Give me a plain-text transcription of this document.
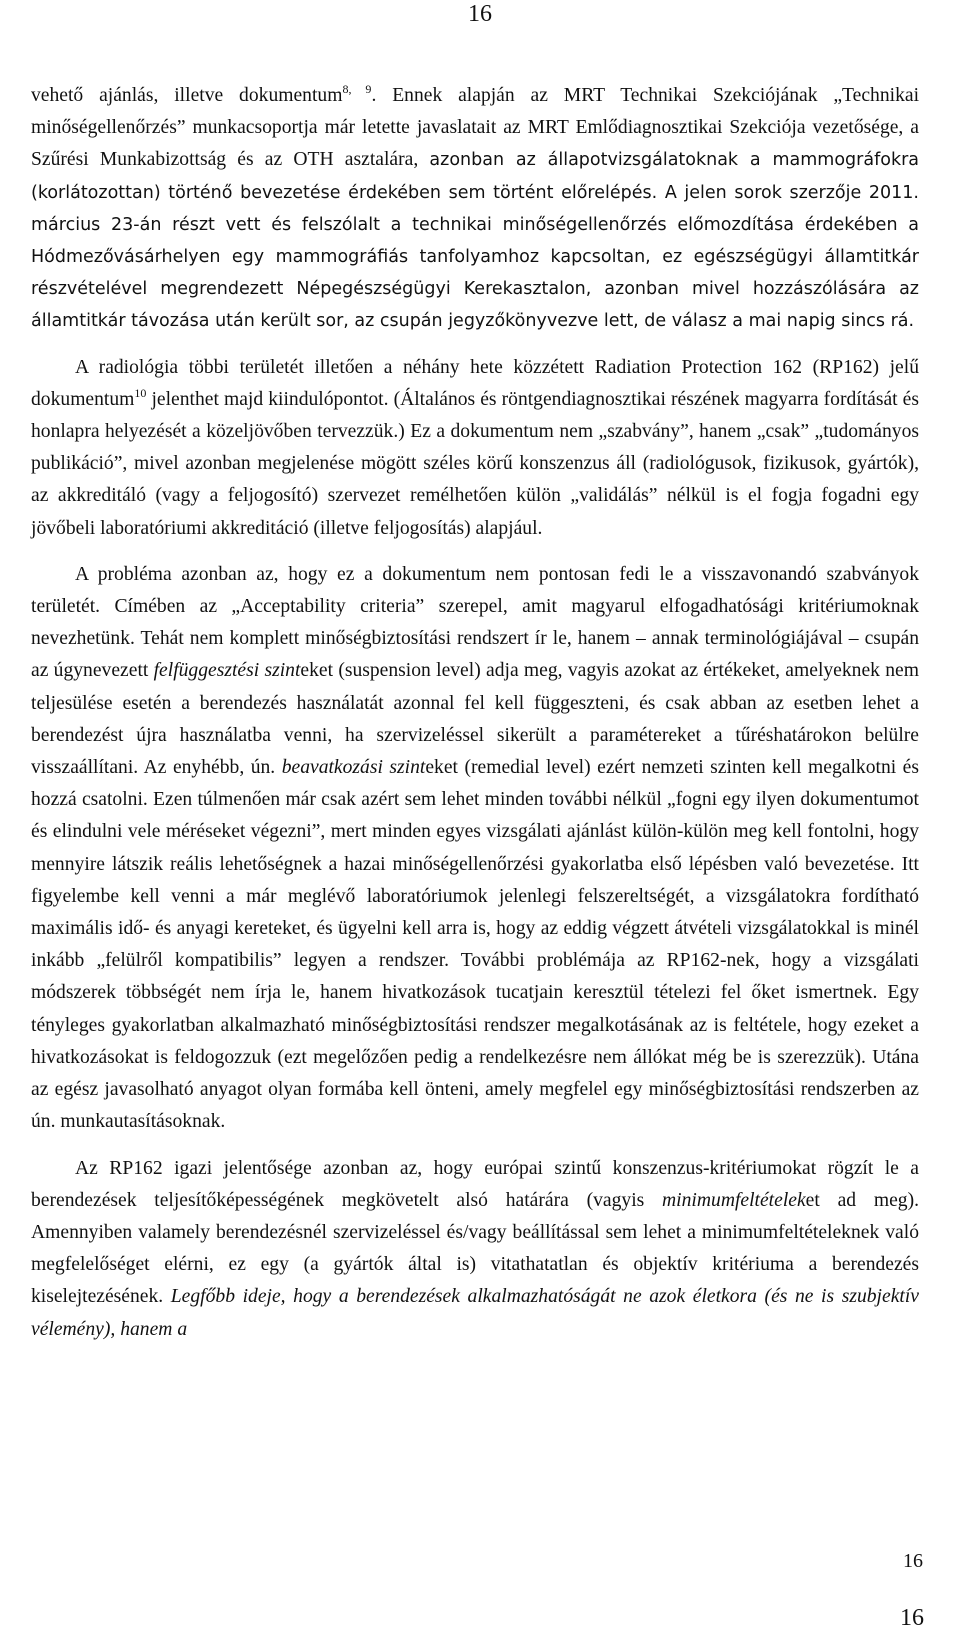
16

vehető ajánlás, illetve dokumentum$^{8, 9}$. Ennek alapján az MRT Technikai Szekciójának „Technikai minőségellenőrzés” munkacsoportja már letette javaslatait az MRT Emlődiagnosztikai Szekciója vezetősége, a Szűrési Munkabizottság és az OTH asztalára, azonban az állapotvizsgálatoknak a mammográfokra (korlátozottan) történő bevezetése érdekében sem történt előrelépés. A jelen sorok szerzője 2011. március 23-án részt vett és felszólalt a technikai minőségellenőrzés előmozdítása érdekében a Hódmezővásárhelyen egy mammográfiás tanfolyamhoz kapcsoltan, ez egészségügyi államtitkár részvételével megrendezett Népegészségügyi Kerekasztalon, azonban mivel hozzászólására az államtitkár távozása után került sor, az csupán jegyzőkönyvezve lett, de válasz a mai napig sincs rá.

A radiológia többi területét illetően a néhány hete közzétett Radiation Protection 162 (RP162) jelű dokumentum$^{10}$ jelenthet majd kiindulópontot. (Általános és röntgendiagnosztikai részének magyarra fordítását és honlapra helyezését a közeljövőben tervezzük.) Ez a dokumentum nem „szabvány”, hanem „csak” „tudományos publikáció”, mivel azonban megjelenése mögött széles körű konszenzus áll (radiológusok, fizikusok, gyártók), az akkreditáló (vagy a feljogosító) szervezet remélhetően külön „validálás” nélkül is el fogja fogadni egy jövőbeli laboratóriumi akkreditáció (illetve feljogosítás) alapjául.

A probléma azonban az, hogy ez a dokumentum nem pontosan fedi le a visszavonandó szabványok területét. Címében az „Acceptability criteria” szerepel, amit magyarul elfogadhatósági kritériumoknak nevezhetünk. Tehát nem komplett minőségbiztosítási rendszert ír le, hanem – annak terminológiájával – csupán az úgynevezett felfüggesztési szinteket (suspension level) adja meg, vagyis azokat az értékeket, amelyeknek nem teljesülése esetén a berendezés használatát azonnal fel kell függeszteni, és csak abban az esetben lehet a berendezést újra használatba venni, ha szervizeléssel sikerült a paramétereket a tűréshatárokon belülre visszaállítani. Az enyhébb, ún. beavatkozási szinteket (remedial level) ezért nemzeti szinten kell megalkotni és hozzá csatolni. Ezen túlmenően már csak azért sem lehet minden további nélkül „fogni egy ilyen dokumentumot és elindulni vele méréseket végezni”, mert minden egyes vizsgálati ajánlást külön-külön meg kell fontolni, hogy mennyire látszik reális lehetőségnek a hazai minőségellenőrzési gyakorlatba első lépésben való bevezetése. Itt figyelembe kell venni a már meglévő laboratóriumok jelenlegi felszereltségét, a vizsgálatokra fordítható maximális idő- és anyagi kereteket, és ügyelni kell arra is, hogy az eddig végzett átvételi vizsgálatokkal is minél inkább „felülről kompatibilis” legyen a rendszer. További problémája az RP162-nek, hogy a vizsgálati módszerek többségét nem írja le, hanem hivatkozások tucatjain keresztül tételezi fel őket ismertnek. Egy tényleges gyakorlatban alkalmazható minőségbiztosítási rendszer megalkotásának az is feltétele, hogy ezeket a hivatkozásokat is feldogozzuk (ezt megelőzően pedig a rendelkezésre nem állókat még be is szerezzük). Utána az egész javasolható anyagot olyan formába kell önteni, amely megfelel egy minőségbiztosítási rendszerben az ún. munkautasításoknak.

Az RP162 igazi jelentősége azonban az, hogy európai szintű konszenzus-kritériumokat rögzít le a berendezések teljesítőképességének megkövetelt alsó határára (vagyis minimumfeltételeket ad meg). Amennyiben valamely berendezésnél szervizeléssel és/vagy beállítással sem lehet a minimumfeltételeknek való megfelelőséget elérni, ez egy (a gyártók által is) vitathatatlan és objektív kritériuma a berendezés kiselejtezésének. Legfőbb ideje, hogy a berendezések alkalmazhatóságát ne azok életkora (és ne is szubjektív vélemény), hanem a

16
16
